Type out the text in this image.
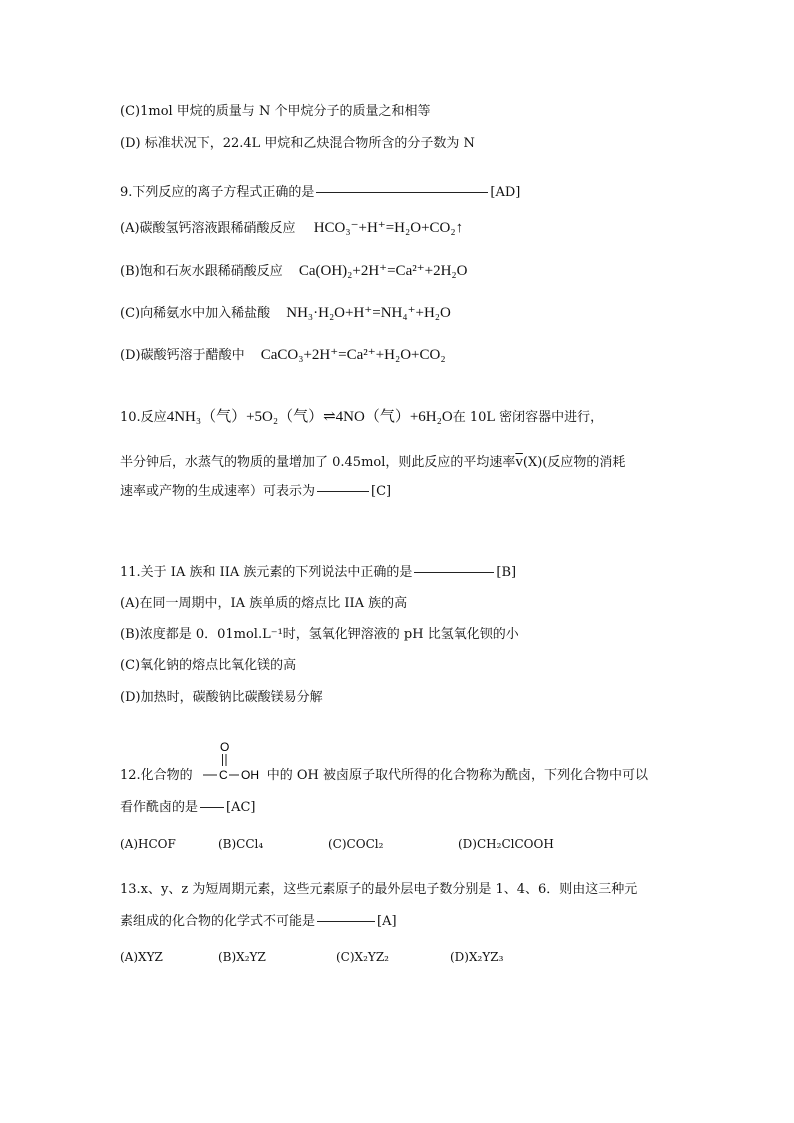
(C)1mol 甲烷的质量与 N 个甲烷分子的质量之和相等
(D) 标准状况下，22.4L 甲烷和乙炔混合物所含的分子数为 N
9.下列反应的离子方程式正确的是	[AD]
(A)碳酸氢钙溶液跟稀硝酸反应 HCO₃⁻+H⁺=H₂O+CO₂↑
(B)饱和石灰水跟稀硝酸反应 Ca(OH)₂+2H⁺=Ca²⁺+2H₂O
(C)向稀氨水中加入稀盐酸 NH₃·H₂O+H⁺=NH₄⁺+H₂O
(D)碳酸钙溶于醋酸中 CaCO₃+2H⁺=Ca²⁺+H₂O+CO₂
10.反应4NH₃（气）+5O₂（气）⇌4NO（气）+6H₂O在 10L 密闭容器中进行，
半分钟后，水蒸气的物质的量增加了 0.45mol，则此反应的平均速率$\overline{v}(X)$(反应物的消耗
速率或产物的生成速率）可表示为	[C]
11.关于 IA 族和 IIA 族元素的下列说法中正确的是	[B]
(A)在同一周期中，IA 族单质的熔点比 IIA 族的高
(B)浓度都是 0．01mol.L⁻¹时，氢氧化钾溶液的 pH 比氢氧化钡的小
(C)氧化钠的熔点比氧化镁的高
(D)加热时，碳酸钠比碳酸镁易分解
O
C OH
12.化合物的	中的 OH 被卤原子取代所得的化合物称为酰卤，下列化合物中可以
看作酰卤的是 [AC]
(A)HCOF	(B)CCl₄	(C)COCl₂	(D)CH₂ClCOOH
13.x、y、z 为短周期元素，这些元素原子的最外层电子数分别是 1、4、6．则由这三种元
素组成的化合物的化学式不可能是	[A]
(A)XYZ	(B)X₂YZ	(C)X₂YZ₂	(D)X₂YZ₃
